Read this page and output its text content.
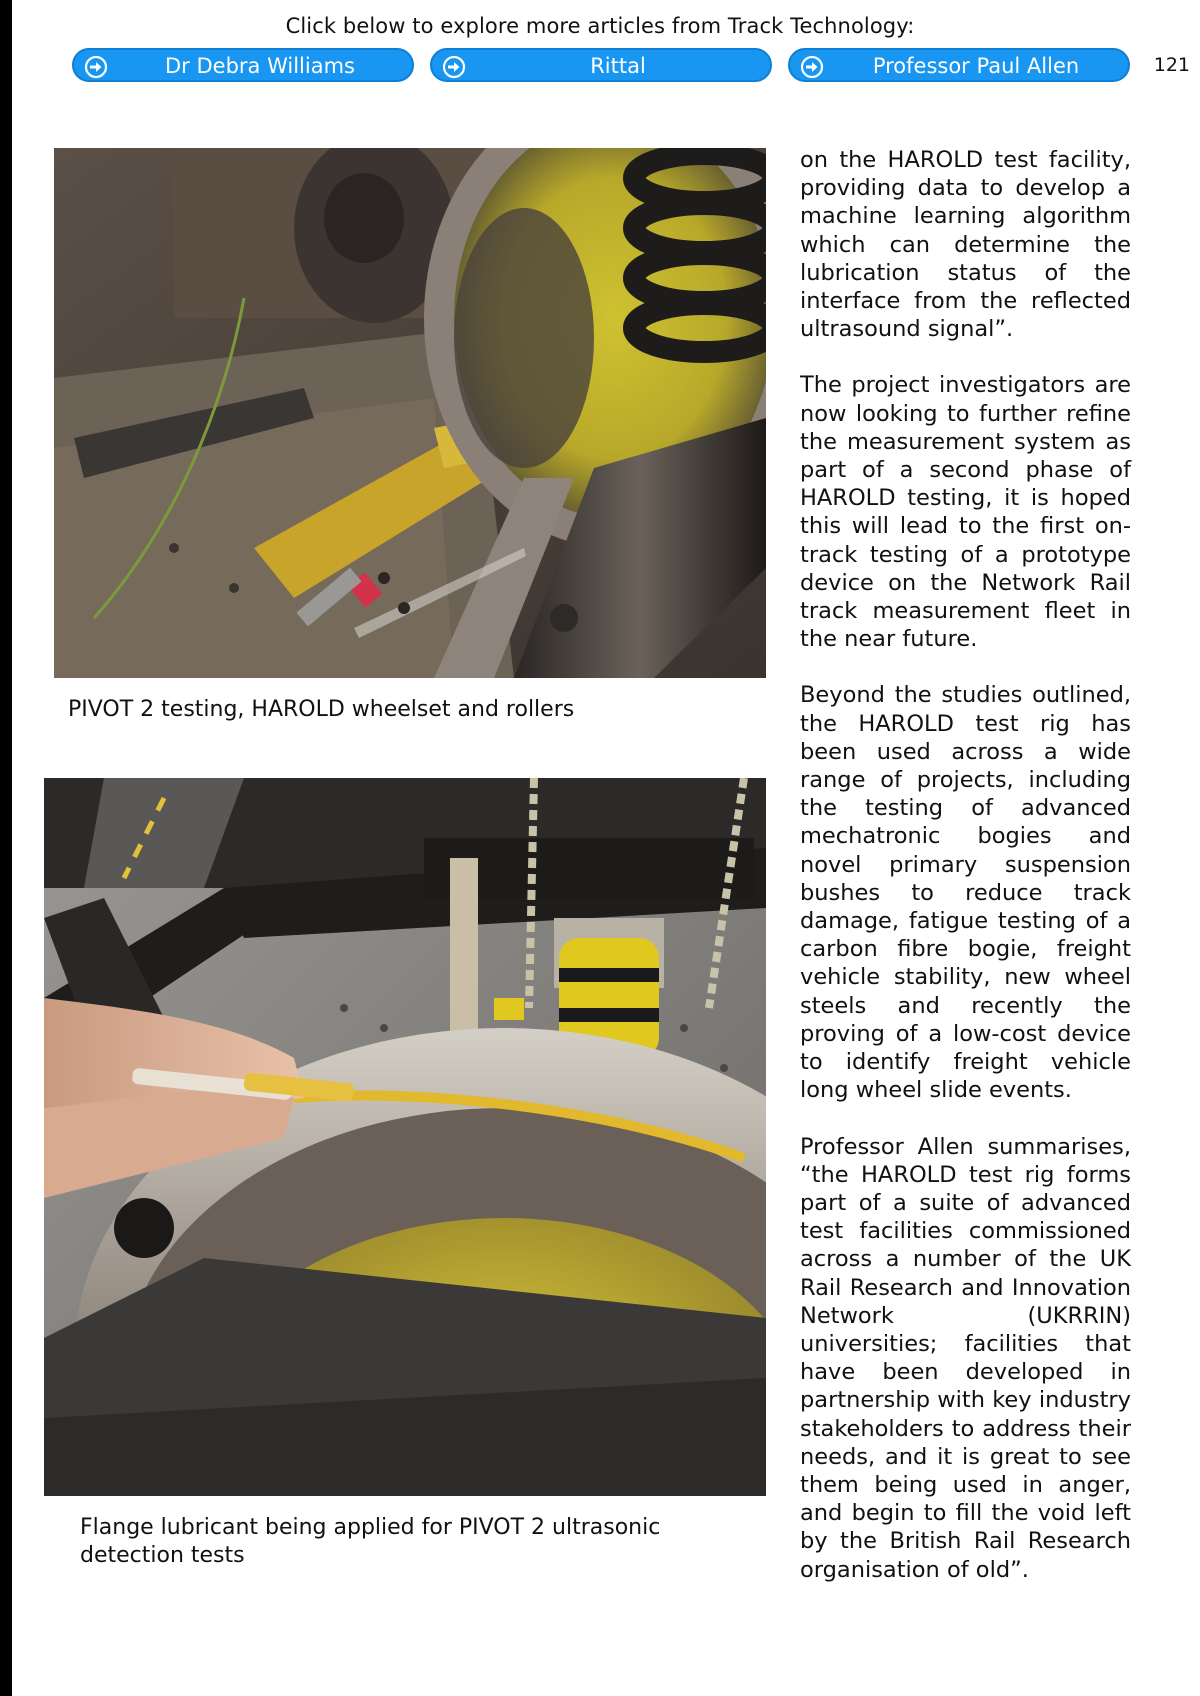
Click below to explore more articles from Track Technology:
Dr Debra Williams	Rittal	Professor Paul Allen	121
PIVOT 2 testing, HAROLD wheelset and rollers
Flange lubricant being applied for PIVOT 2 ultrasonic detection tests

on the HAROLD test facility, providing data to develop a machine learning algorithm which can determine the lubrication status of the interface from the reflected ultrasound signal”.

The project investigators are now looking to further refine the measurement system as part of a second phase of HAROLD testing, it is hoped this will lead to the first on-track testing of a prototype device on the Network Rail track measurement fleet in the near future.

Beyond the studies outlined, the HAROLD test rig has been used across a wide range of projects, including the testing of advanced mechatronic bogies and novel primary suspension bushes to reduce track damage, fatigue testing of a carbon fibre bogie, freight vehicle stability, new wheel steels and recently the proving of a low-cost device to identify freight vehicle long wheel slide events.

Professor Allen summarises, “the HAROLD test rig forms part of a suite of advanced test facilities commissioned across a number of the UK Rail Research and Innovation Network (UKRRIN) universities; facilities that have been developed in partnership with key industry stakeholders to address their needs, and it is great to see them being used in anger, and begin to fill the void left by the British Rail Research organisation of old”.
